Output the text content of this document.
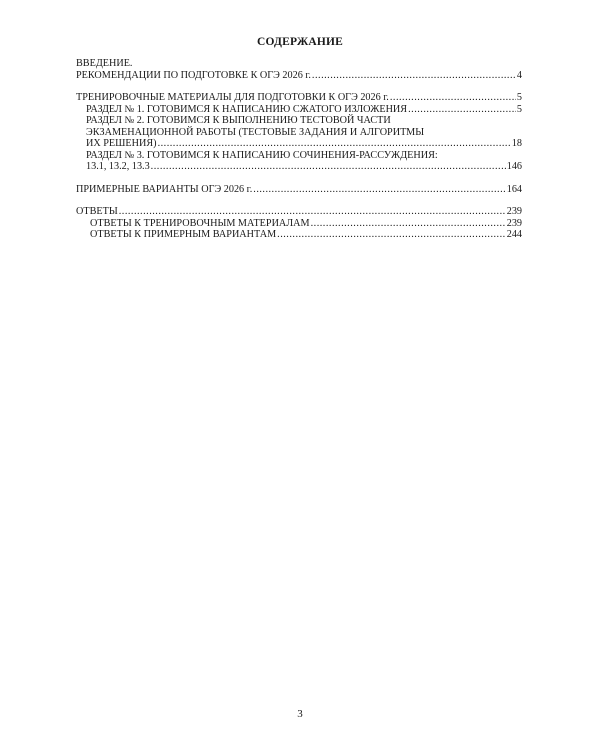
СОДЕРЖАНИЕ
ВВЕДЕНИЕ.
РЕКОМЕНДАЦИИ ПО ПОДГОТОВКЕ К ОГЭ 2026 г. .....	4
ТРЕНИРОВОЧНЫЕ МАТЕРИАЛЫ ДЛЯ ПОДГОТОВКИ К ОГЭ 2026 г. .....	5
РАЗДЕЛ № 1. ГОТОВИМСЯ К НАПИСАНИЮ СЖАТОГО ИЗЛОЖЕНИЯ .....	5
РАЗДЕЛ № 2. ГОТОВИМСЯ К ВЫПОЛНЕНИЮ ТЕСТОВОЙ ЧАСТИ
ЭКЗАМЕНАЦИОННОЙ РАБОТЫ (ТЕСТОВЫЕ ЗАДАНИЯ И АЛГОРИТМЫ
ИХ РЕШЕНИЯ) .....	18
РАЗДЕЛ № 3. ГОТОВИМСЯ К НАПИСАНИЮ СОЧИНЕНИЯ-РАССУЖДЕНИЯ:
13.1, 13.2, 13.3 .....	146
ПРИМЕРНЫЕ ВАРИАНТЫ ОГЭ 2026 г. .....	164
ОТВЕТЫ .....	239
ОТВЕТЫ К ТРЕНИРОВОЧНЫМ МАТЕРИАЛАМ .....	239
ОТВЕТЫ К ПРИМЕРНЫМ ВАРИАНТАМ .....	244
3
